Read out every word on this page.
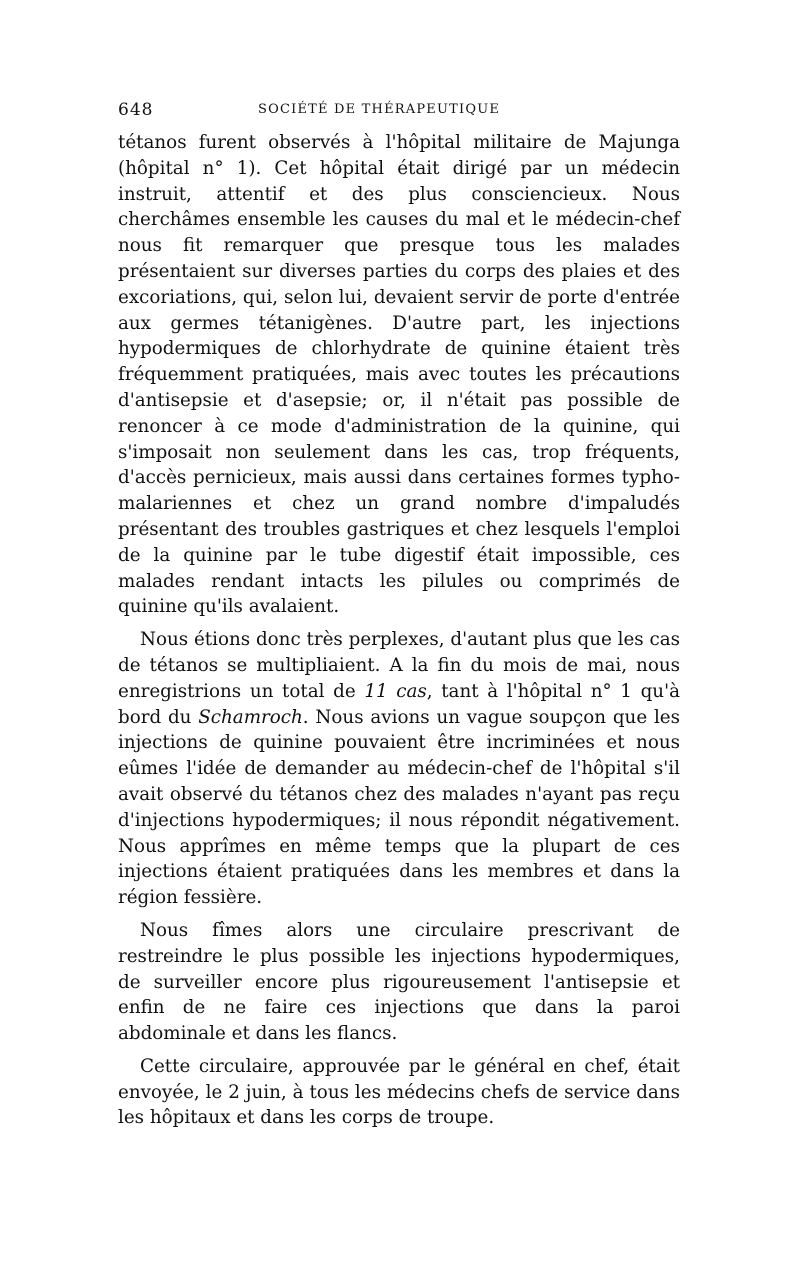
648	SOCIÉTÉ DE THÉRAPEUTIQUE

tétanos furent observés à l'hôpital militaire de Majunga (hôpital n° 1). Cet hôpital était dirigé par un médecin instruit, attentif et des plus consciencieux. Nous cherchâmes ensemble les causes du mal et le médecin-chef nous fit remarquer que presque tous les malades présentaient sur diverses parties du corps des plaies et des excoriations, qui, selon lui, devaient servir de porte d'entrée aux germes tétanigènes. D'autre part, les injections hypodermiques de chlorhydrate de quinine étaient très fréquemment pratiquées, mais avec toutes les précautions d'antisepsie et d'asepsie; or, il n'était pas possible de renoncer à ce mode d'administration de la quinine, qui s'imposait non seulement dans les cas, trop fréquents, d'accès pernicieux, mais aussi dans certaines formes typho-malariennes et chez un grand nombre d'impaludés présentant des troubles gastriques et chez lesquels l'emploi de la quinine par le tube digestif était impossible, ces malades rendant intacts les pilules ou comprimés de quinine qu'ils avalaient.

Nous étions donc très perplexes, d'autant plus que les cas de tétanos se multipliaient. A la fin du mois de mai, nous enregistrions un total de 11 cas, tant à l'hôpital n° 1 qu'à bord du Schamroch. Nous avions un vague soupçon que les injections de quinine pouvaient être incriminées et nous eûmes l'idée de demander au médecin-chef de l'hôpital s'il avait observé du tétanos chez des malades n'ayant pas reçu d'injections hypodermiques; il nous répondit négativement. Nous apprîmes en même temps que la plupart de ces injections étaient pratiquées dans les membres et dans la région fessière.

Nous fîmes alors une circulaire prescrivant de restreindre le plus possible les injections hypodermiques, de surveiller encore plus rigoureusement l'antisepsie et enfin de ne faire ces injections que dans la paroi abdominale et dans les flancs.

Cette circulaire, approuvée par le général en chef, était envoyée, le 2 juin, à tous les médecins chefs de service dans les hôpitaux et dans les corps de troupe.
